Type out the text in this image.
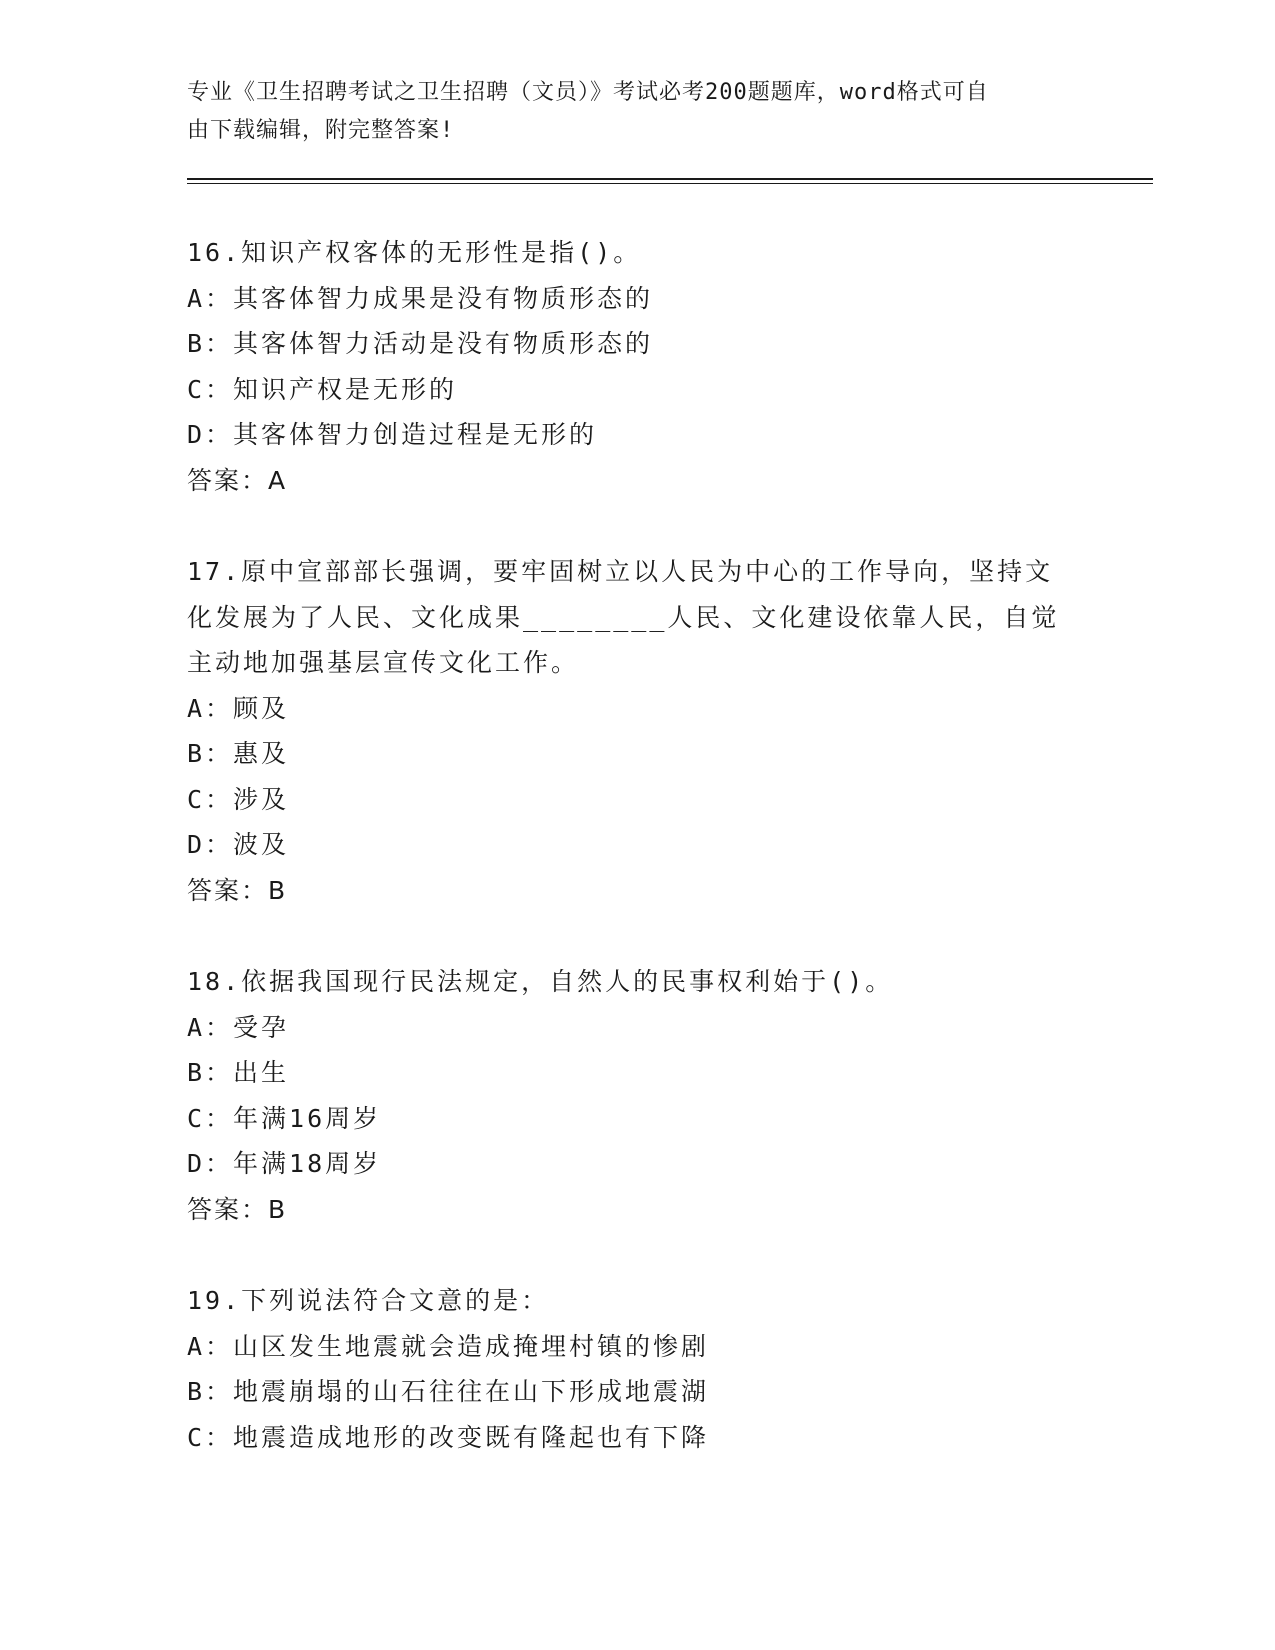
专业《卫生招聘考试之卫生招聘（文员）》考试必考200题题库，word格式可自
由下载编辑，附完整答案!
16.知识产权客体的无形性是指()。
A：其客体智力成果是没有物质形态的
B：其客体智力活动是没有物质形态的
C：知识产权是无形的
D：其客体智力创造过程是无形的
答案：A
17.原中宣部部长强调，要牢固树立以人民为中心的工作导向，坚持文
化发展为了人民、文化成果________人民、文化建设依靠人民，自觉
主动地加强基层宣传文化工作。
A：顾及
B：惠及
C：涉及
D：波及
答案：B
18.依据我国现行民法规定，自然人的民事权利始于()。
A：受孕
B：出生
C：年满16周岁
D：年满18周岁
答案：B
19.下列说法符合文意的是：
A：山区发生地震就会造成掩埋村镇的惨剧
B：地震崩塌的山石往往在山下形成地震湖
C：地震造成地形的改变既有隆起也有下降
